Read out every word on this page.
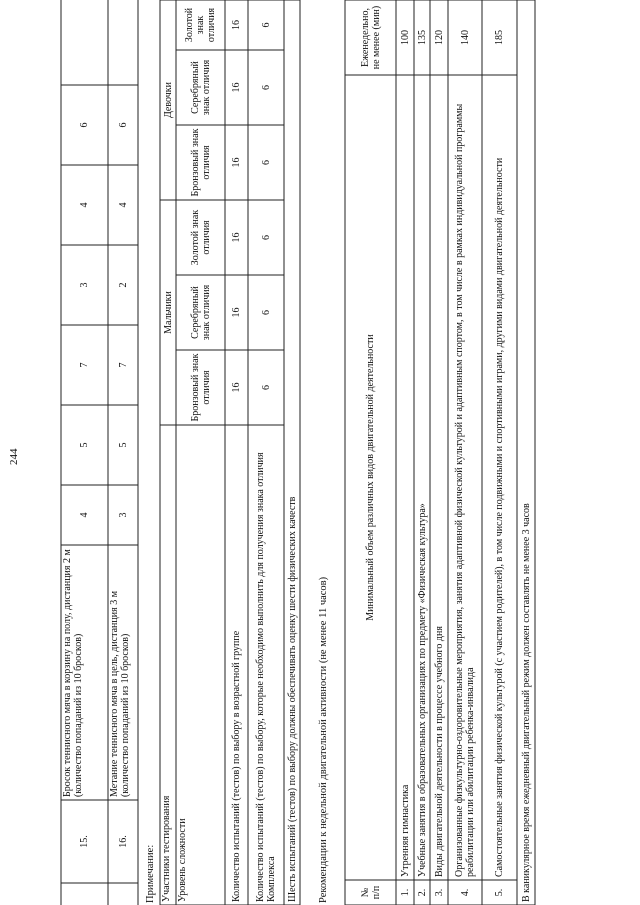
244
15.
Бросок теннисного мяча в корзину на полу, дистанция 2 м (количество попаданий из 10 бросков)
4
5
7
3
4
6
16.
Метание теннисного мяча в цель, дистанция 3 м (количество попаданий из 10 бросков)
3
5
7
2
4
6
Примечание: Участники тестирования
Мальчики
Девочки
Уровень сложности
Бронзовый знак отличия
Серебряный знак отличия
Золотой знак отличия
Бронзовый знак отличия
Серебряный знак отличия
Золотой знак отличия
Количество испытаний (тестов) по выбору в возрастной группе
16
16
16
16
16
16
Количество испытаний (тестов) по выбору, которые необходимо выполнить для получения знака отличия Комплекса
6
6
6
6
6
6
Шесть испытаний (тестов) по выбору должны обеспечивать оценку шести физических качеств Рекомендации к недельной двигательной активности (не менее 11 часов)	№ п/п
Минимальный объем различных видов двигательной деятельности
Еженедельно, не менее (мин)
1.
Утренняя гимнастика
100
2.
Учебные занятия в образовательных организациях по предмету «Физическая культура»
135
3.
Виды двигательной деятельности в процессе учебного дня
120
4.
Организованные физкультурно-оздоровительные мероприятия, занятия адаптивной физической культурой и адаптивным спортом, в том числе в рамках индивидуальной программы реабилитации или абилитации ребенка-инвалида
140
5.
Самостоятельные занятия физической культурой (с участием родителей), в том числе подвижными и спортивными играми, другими видами двигательной деятельности
185
В каникулярное время ежедневный двигательный режим должен составлять не менее 3 часов
